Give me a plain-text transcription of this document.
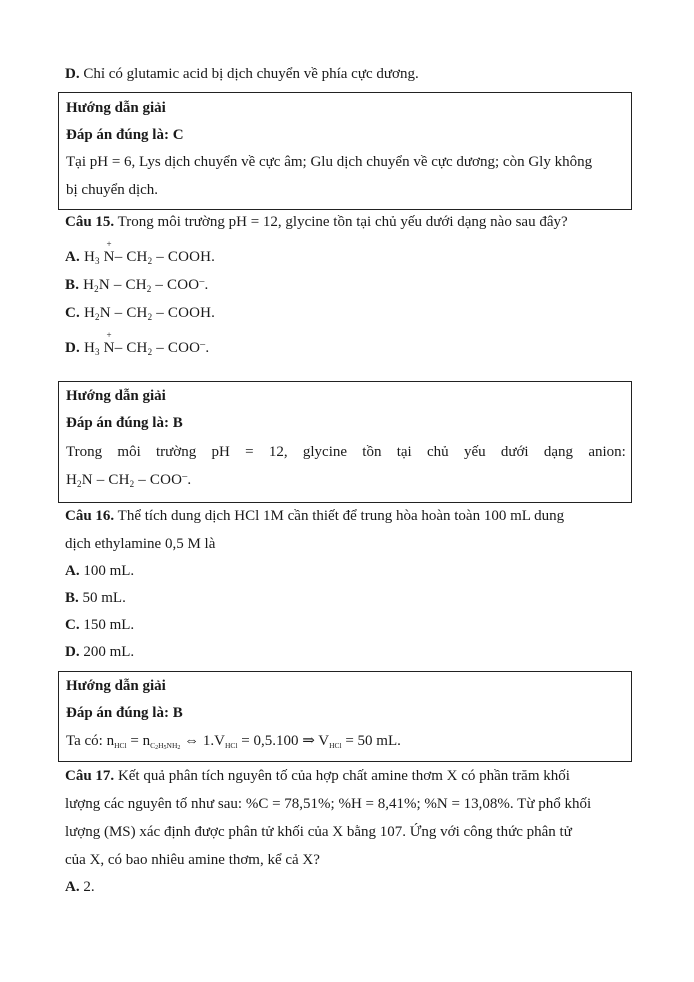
D. Chỉ có glutamic acid bị dịch chuyển về phía cực dương.
Hướng dẫn giải
Đáp án đúng là: C
Tại pH = 6, Lys dịch chuyển về cực âm; Glu dịch chuyển về cực dương; còn Gly không
bị chuyển dịch.
Câu 15. Trong môi trường pH = 12, glycine tồn tại chủ yếu dưới dạng nào sau đây?
A. $H_3$ N
+
– $CH_2$ – COOH.
B. $H_2N - CH_2 - COO^-$.
C. $H_2N - CH_2$ – COOH.
D. $H_3$ N
+
– $CH_2 - COO^-$.
Hướng dẫn giải
Đáp án đúng là: B
Trong môi trường pH = 12, glycine tồn tại chủ yếu dưới dạng anion:
$H_2N - CH_2 - COO^-$.
Câu 16. Thể tích dung dịch HCl 1M cần thiết để trung hòa hoàn toàn 100 mL dung
dịch ethylamine 0,5 M là
A. 100 mL.
B. 50 mL.
C. 150 mL.
D. 200 mL.
Hướng dẫn giải
Đáp án đúng là: B
Ta có: $n_{HCl} = n_{C_2H_5NH_2}$ ⇔ $1.V_{HCl} = 0,5.100$ ⇒ $V_{HCl} = 50$ mL.
Câu 17. Kết quả phân tích nguyên tố của hợp chất amine thơm X có phần trăm khối
lượng các nguyên tố như sau: %C = 78,51%; %H = 8,41%; %N = 13,08%. Từ phổ khối
lượng (MS) xác định được phân tử khối của X bằng 107. Ứng với công thức phân tử
của X, có bao nhiêu amine thơm, kể cả X?
A. 2.
